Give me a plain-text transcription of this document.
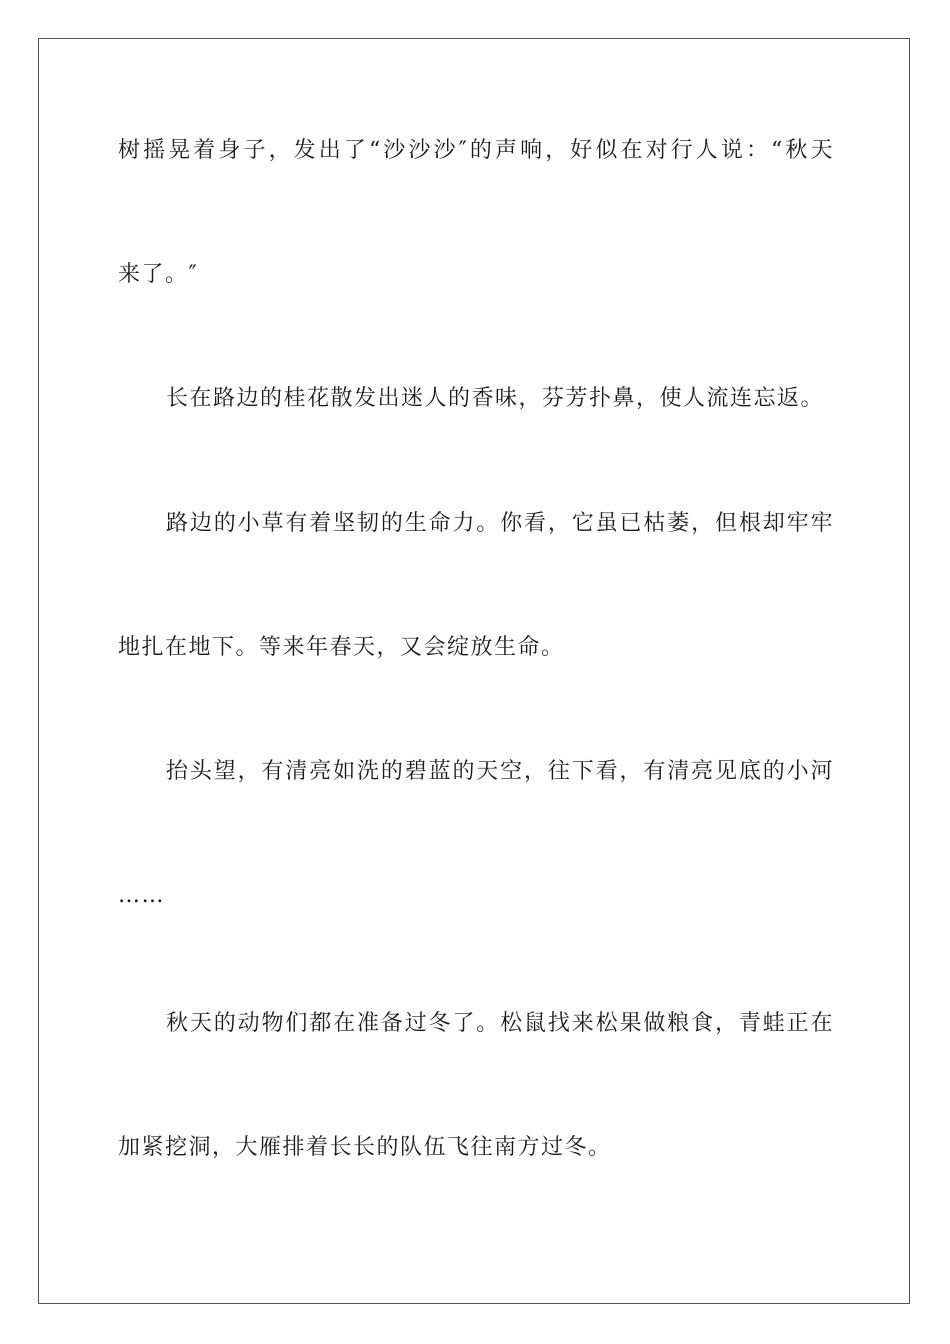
树摇晃着身子，发出了“沙沙沙″的声响，好似在对行人说：“秋天
来了。″
长在路边的桂花散发出迷人的香味，芬芳扑鼻，使人流连忘返。
路边的小草有着坚韧的生命力。你看，它虽已枯萎，但根却牢牢
地扎在地下。等来年春天，又会绽放生命。
抬头望，有清亮如洗的碧蓝的天空，往下看，有清亮见底的小河
……
秋天的动物们都在准备过冬了。松鼠找来松果做粮食，青蛙正在
加紧挖洞，大雁排着长长的队伍飞往南方过冬。
